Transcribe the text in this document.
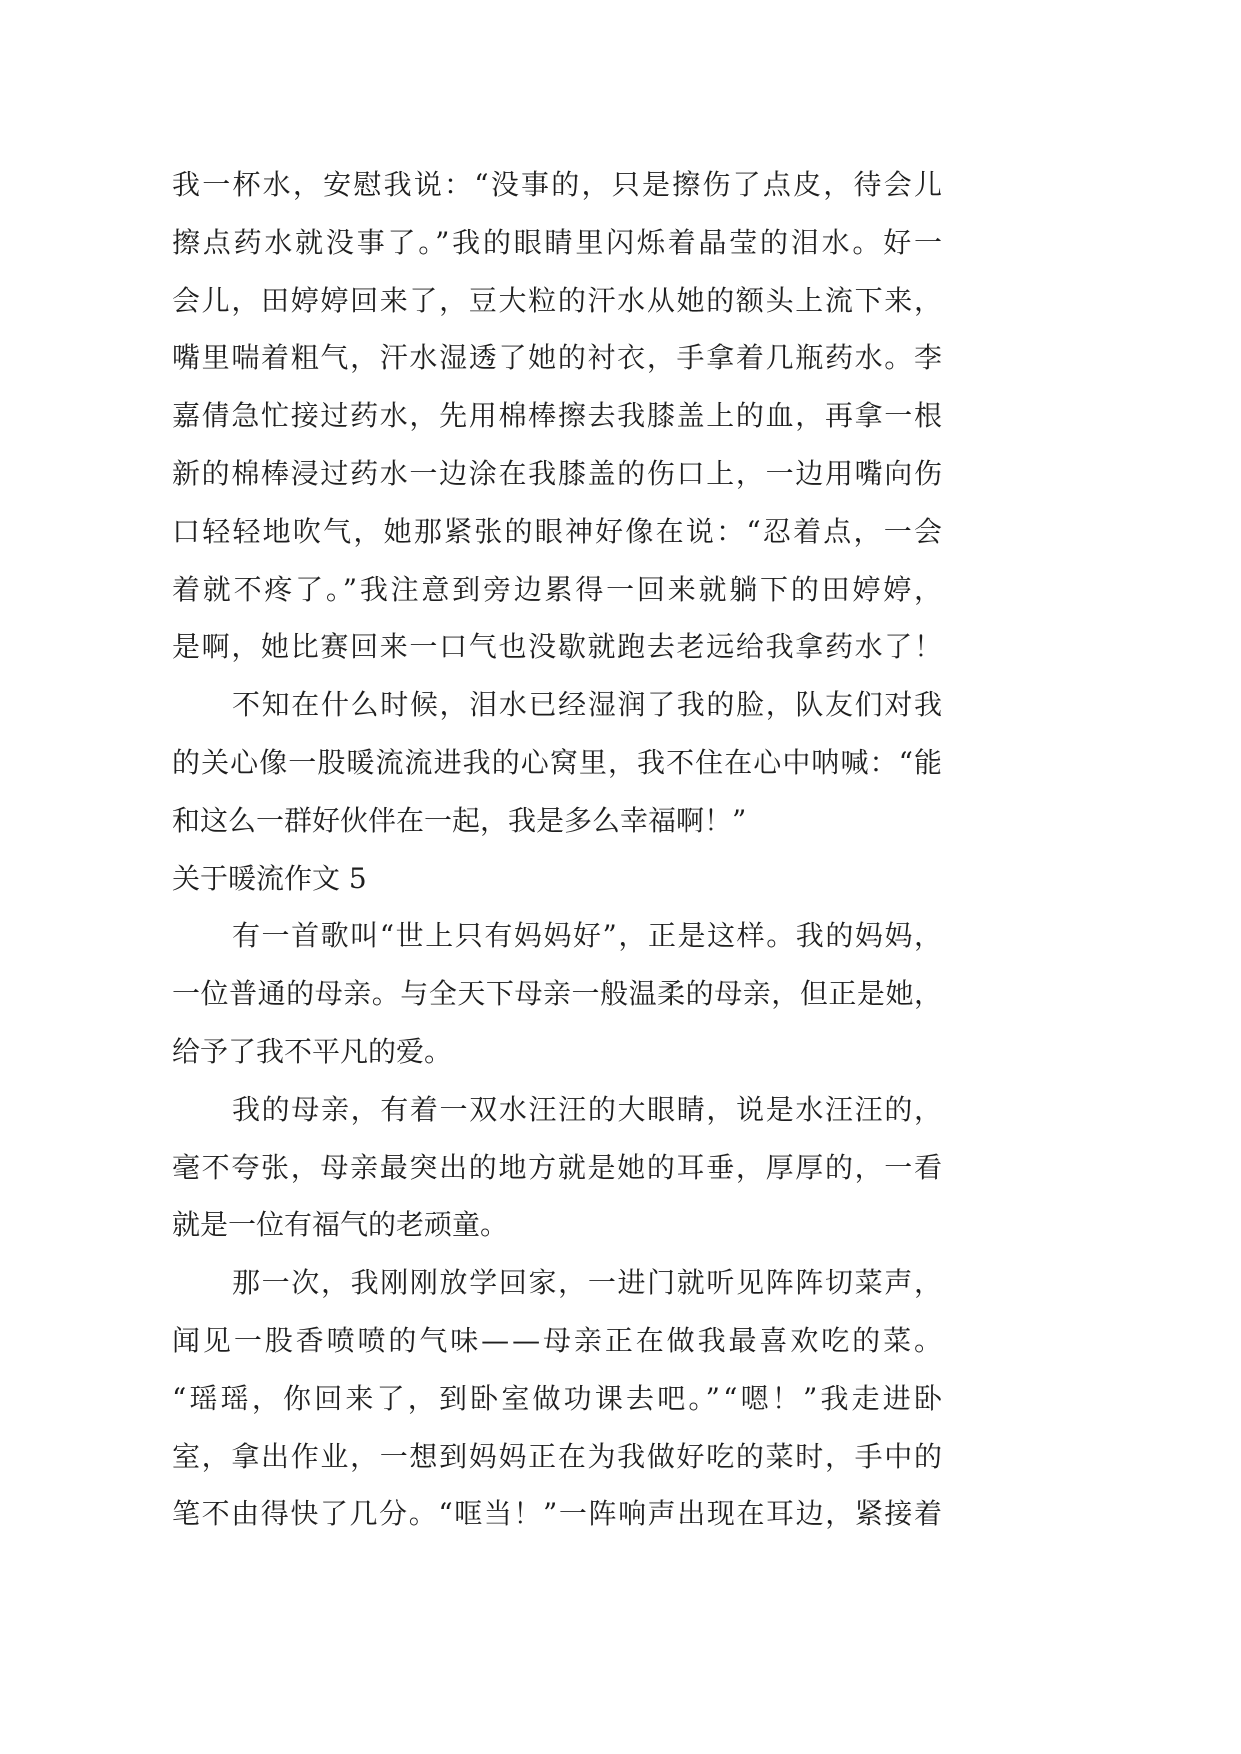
我一杯水，安慰我说：“没事的，只是擦伤了点皮，待会儿
擦点药水就没事了。”我的眼睛里闪烁着晶莹的泪水。好一
会儿，田婷婷回来了，豆大粒的汗水从她的额头上流下来，
嘴里喘着粗气，汗水湿透了她的衬衣，手拿着几瓶药水。李
嘉倩急忙接过药水，先用棉棒擦去我膝盖上的血，再拿一根
新的棉棒浸过药水一边涂在我膝盖的伤口上，一边用嘴向伤
口轻轻地吹气，她那紧张的眼神好像在说：“忍着点，一会
着就不疼了。”我注意到旁边累得一回来就躺下的田婷婷，
是啊，她比赛回来一口气也没歇就跑去老远给我拿药水了！
不知在什么时候，泪水已经湿润了我的脸，队友们对我
的关心像一股暖流流进我的心窝里，我不住在心中呐喊：“能
和这么一群好伙伴在一起，我是多么幸福啊！”
关于暖流作文 5
有一首歌叫“世上只有妈妈好”，正是这样。我的妈妈，
一位普通的母亲。与全天下母亲一般温柔的母亲，但正是她，
给予了我不平凡的爱。
我的母亲，有着一双水汪汪的大眼睛，说是水汪汪的，
毫不夸张，母亲最突出的地方就是她的耳垂，厚厚的，一看
就是一位有福气的老顽童。
那一次，我刚刚放学回家，一进门就听见阵阵切菜声，
闻见一股香喷喷的气味——母亲正在做我最喜欢吃的菜。
“瑶瑶，你回来了，到卧室做功课去吧。”“嗯！”我走进卧
室，拿出作业，一想到妈妈正在为我做好吃的菜时，手中的
笔不由得快了几分。“哐当！”一阵响声出现在耳边，紧接着
